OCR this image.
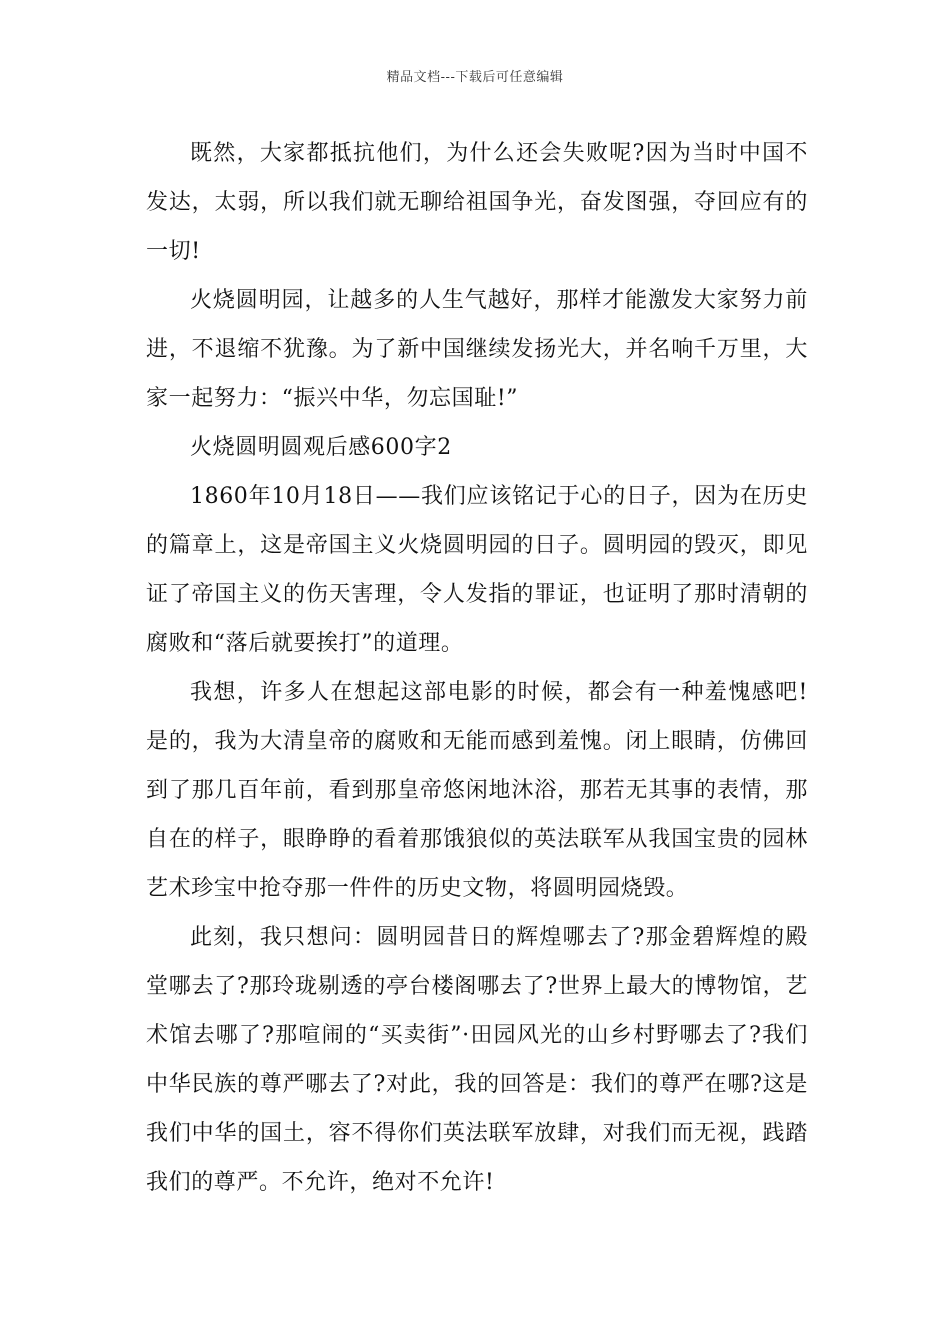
精品文档---下载后可任意编辑

既然，大家都抵抗他们，为什么还会失败呢?因为当时中国不发达，太弱，所以我们就无聊给祖国争光，奋发图强，夺回应有的一切!

火烧圆明园，让越多的人生气越好，那样才能激发大家努力前进，不退缩不犹豫。为了新中国继续发扬光大，并名响千万里，大家一起努力：“振兴中华，勿忘国耻!”

火烧圆明圆观后感600字2

1860年10月18日——我们应该铭记于心的日子，因为在历史的篇章上，这是帝国主义火烧圆明园的日子。圆明园的毁灭，即见证了帝国主义的伤天害理，令人发指的罪证，也证明了那时清朝的腐败和“落后就要挨打”的道理。

我想，许多人在想起这部电影的时候，都会有一种羞愧感吧!是的，我为大清皇帝的腐败和无能而感到羞愧。闭上眼睛，仿佛回到了那几百年前，看到那皇帝悠闲地沐浴，那若无其事的表情，那自在的样子，眼睁睁的看着那饿狼似的英法联军从我国宝贵的园林艺术珍宝中抢夺那一件件的历史文物，将圆明园烧毁。

此刻，我只想问：圆明园昔日的辉煌哪去了?那金碧辉煌的殿堂哪去了?那玲珑剔透的亭台楼阁哪去了?世界上最大的博物馆，艺术馆去哪了?那喧闹的“买卖街”·田园风光的山乡村野哪去了?我们中华民族的尊严哪去了?对此，我的回答是：我们的尊严在哪?这是我们中华的国土，容不得你们英法联军放肆，对我们而无视，践踏我们的尊严。不允许，绝对不允许!
